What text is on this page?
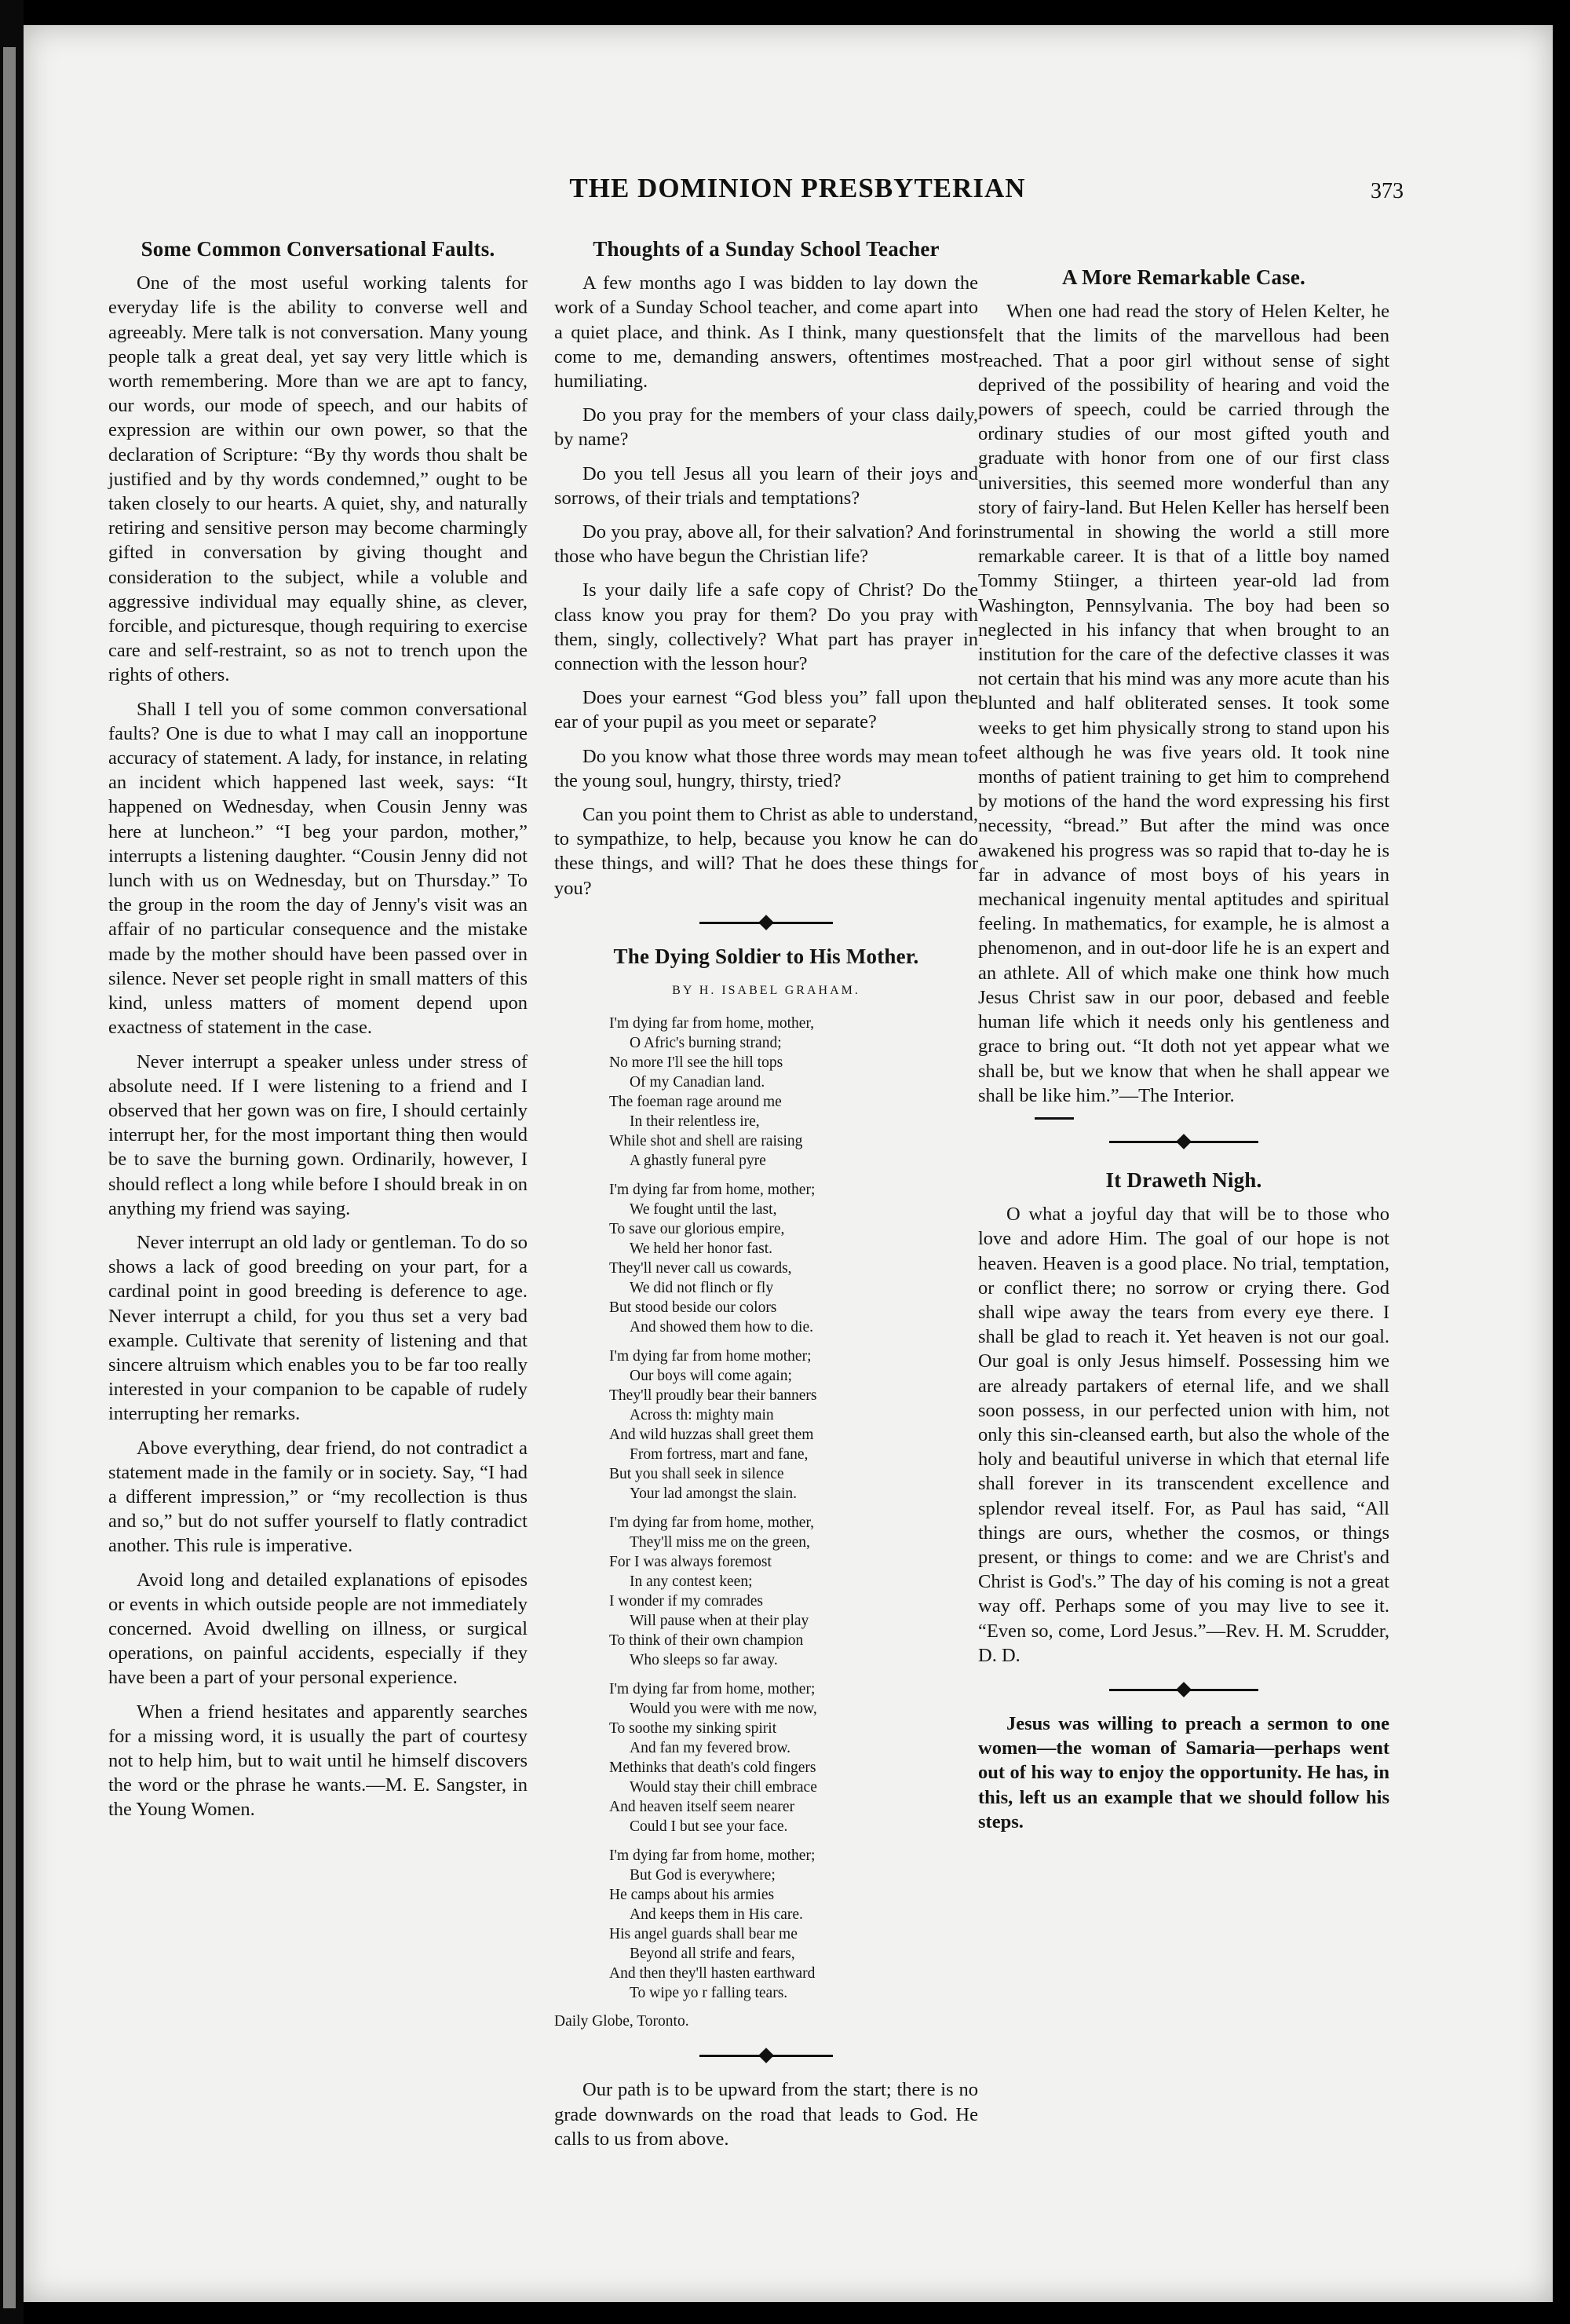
THE DOMINION PRESBYTERIAN	373
Some Common Conversational Faults.

One of the most useful working talents for everyday life is the ability to converse well and agreeably. Mere talk is not conversation. Many young people talk a great deal, yet say very little which is worth remembering. More than we are apt to fancy, our words, our mode of speech, and our habits of expression are within our own power, so that the declaration of Scripture: “By thy words thou shalt be justified and by thy words condemned,” ought to be taken closely to our hearts. A quiet, shy, and naturally retiring and sensitive person may become charmingly gifted in conversation by giving thought and consideration to the subject, while a voluble and aggressive individual may equally shine, as clever, forcible, and picturesque, though requiring to exercise care and self-restraint, so as not to trench upon the rights of others.

Shall I tell you of some common conversational faults? One is due to what I may call an inopportune accuracy of statement. A lady, for instance, in relating an incident which happened last week, says: “It happened on Wednesday, when Cousin Jenny was here at luncheon.” “I beg your pardon, mother,” interrupts a listening daughter. “Cousin Jenny did not lunch with us on Wednesday, but on Thursday.” To the group in the room the day of Jenny's visit was an affair of no particular consequence and the mistake made by the mother should have been passed over in silence. Never set people right in small matters of this kind, unless matters of moment depend upon exactness of statement in the case.

Never interrupt a speaker unless under stress of absolute need. If I were listening to a friend and I observed that her gown was on fire, I should certainly interrupt her, for the most important thing then would be to save the burning gown. Ordinarily, however, I should reflect a long while before I should break in on anything my friend was saying.

Never interrupt an old lady or gentleman. To do so shows a lack of good breeding on your part, for a cardinal point in good breeding is deference to age. Never interrupt a child, for you thus set a very bad example. Cultivate that serenity of listening and that sincere altruism which enables you to be far too really interested in your companion to be capable of rudely interrupting her remarks.

Above everything, dear friend, do not contradict a statement made in the family or in society. Say, “I had a different impression,” or “my recollection is thus and so,” but do not suffer yourself to flatly contradict another. This rule is imperative.

Avoid long and detailed explanations of episodes or events in which outside people are not immediately concerned. Avoid dwelling on illness, or surgical operations, on painful accidents, especially if they have been a part of your personal experience.

When a friend hesitates and apparently searches for a missing word, it is usually the part of courtesy not to help him, but to wait until he himself discovers the word or the phrase he wants.—M. E. Sangster, in the Young Women.

Thoughts of a Sunday School Teacher

A few months ago I was bidden to lay down the work of a Sunday School teacher, and come apart into a quiet place, and think. As I think, many questions come to me, demanding answers, oftentimes most humiliating.

Do you pray for the members of your class daily, by name?

Do you tell Jesus all you learn of their joys and sorrows, of their trials and temptations?

Do you pray, above all, for their salvation? And for those who have begun the Christian life?

Is your daily life a safe copy of Christ? Do the class know you pray for them? Do you pray with them, singly, collectively? What part has prayer in connection with the lesson hour?

Does your earnest “God bless you” fall upon the ear of your pupil as you meet or separate?

Do you know what those three words may mean to the young soul, hungry, thirsty, tried?

Can you point them to Christ as able to understand, to sympathize, to help, because you know he can do these things, and will? That he does these things for you?

The Dying Soldier to His Mother.
BY H. ISABEL GRAHAM.
I'm dying far from home, mother,
O Afric's burning strand;
No more I'll see the hill tops
Of my Canadian land.
The foeman rage around me
In their relentless ire,
While shot and shell are raising
A ghastly funeral pyre
I'm dying far from home, mother;
We fought until the last,
To save our glorious empire,
We held her honor fast.
They'll never call us cowards,
We did not flinch or fly
But stood beside our colors
And showed them how to die.
I'm dying far from home mother;
Our boys will come again;
They'll proudly bear their banners
Across th: mighty main
And wild huzzas shall greet them
From fortress, mart and fane,
But you shall seek in silence
Your lad amongst the slain.
I'm dying far from home, mother,
They'll miss me on the green,
For I was always foremost
In any contest keen;
I wonder if my comrades
Will pause when at their play
To think of their own champion
Who sleeps so far away.
I'm dying far from home, mother;
Would you were with me now,
To soothe my sinking spirit
And fan my fevered brow.
Methinks that death's cold fingers
Would stay their chill embrace
And heaven itself seem nearer
Could I but see your face.
I'm dying far from home, mother;
But God is everywhere;
He camps about his armies
And keeps them in His care.
His angel guards shall bear me
Beyond all strife and fears,
And then they'll hasten earthward
To wipe yo r falling tears.
Daily Globe, Toronto.

Our path is to be upward from the start; there is no grade downwards on the road that leads to God. He calls to us from above.

A More Remarkable Case.

When one had read the story of Helen Kelter, he felt that the limits of the marvellous had been reached. That a poor girl without sense of sight deprived of the possibility of hearing and void the powers of speech, could be carried through the ordinary studies of our most gifted youth and graduate with honor from one of our first class universities, this seemed more wonderful than any story of fairy-land. But Helen Keller has herself been instrumental in showing the world a still more remarkable career. It is that of a little boy named Tommy Stiinger, a thirteen year-old lad from Washington, Pennsylvania. The boy had been so neglected in his infancy that when brought to an institution for the care of the defective classes it was not certain that his mind was any more acute than his blunted and half obliterated senses. It took some weeks to get him physically strong to stand upon his feet although he was five years old. It took nine months of patient training to get him to comprehend by motions of the hand the word expressing his first necessity, “bread.” But after the mind was once awakened his progress was so rapid that to-day he is far in advance of most boys of his years in mechanical ingenuity mental aptitudes and spiritual feeling. In mathematics, for example, he is almost a phenomenon, and in out-door life he is an expert and an athlete. All of which make one think how much Jesus Christ saw in our poor, debased and feeble human life which it needs only his gentleness and grace to bring out. “It doth not yet appear what we shall be, but we know that when he shall appear we shall be like him.”—The Interior.

It Draweth Nigh.

O what a joyful day that will be to those who love and adore Him. The goal of our hope is not heaven. Heaven is a good place. No trial, temptation, or conflict there; no sorrow or crying there. God shall wipe away the tears from every eye there. I shall be glad to reach it. Yet heaven is not our goal. Our goal is only Jesus himself. Possessing him we are already partakers of eternal life, and we shall soon possess, in our perfected union with him, not only this sin-cleansed earth, but also the whole of the holy and beautiful universe in which that eternal life shall forever in its transcendent excellence and splendor reveal itself. For, as Paul has said, “All things are ours, whether the cosmos, or things present, or things to come: and we are Christ's and Christ is God's.” The day of his coming is not a great way off. Perhaps some of you may live to see it. “Even so, come, Lord Jesus.”—Rev. H. M. Scrudder, D. D.

Jesus was willing to preach a sermon to one women—the woman of Samaria—perhaps went out of his way to enjoy the opportunity. He has, in this, left us an example that we should follow his steps.
